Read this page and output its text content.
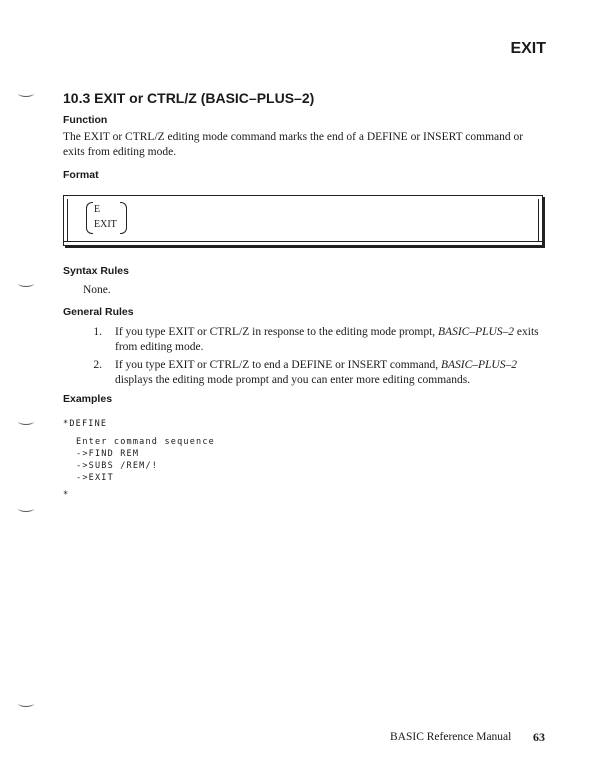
EXIT
10.3 EXIT or CTRL/Z (BASIC–PLUS–2)
Function
The EXIT or CTRL/Z editing mode command marks the end of a DEFINE or INSERT command or exits from editing mode.
Format
E
EXIT
Syntax Rules
None.
General Rules
1. If you type EXIT or CTRL/Z in response to the editing mode prompt, BASIC–PLUS–2 exits from editing mode.
2. If you type EXIT or CTRL/Z to end a DEFINE or INSERT command, BASIC–PLUS–2 displays the editing mode prompt and you can enter more editing commands.
Examples
*DEFINE
Enter command sequence
->FIND REM
->SUBS /REM/!
->EXIT
*
BASIC Reference Manual 63
